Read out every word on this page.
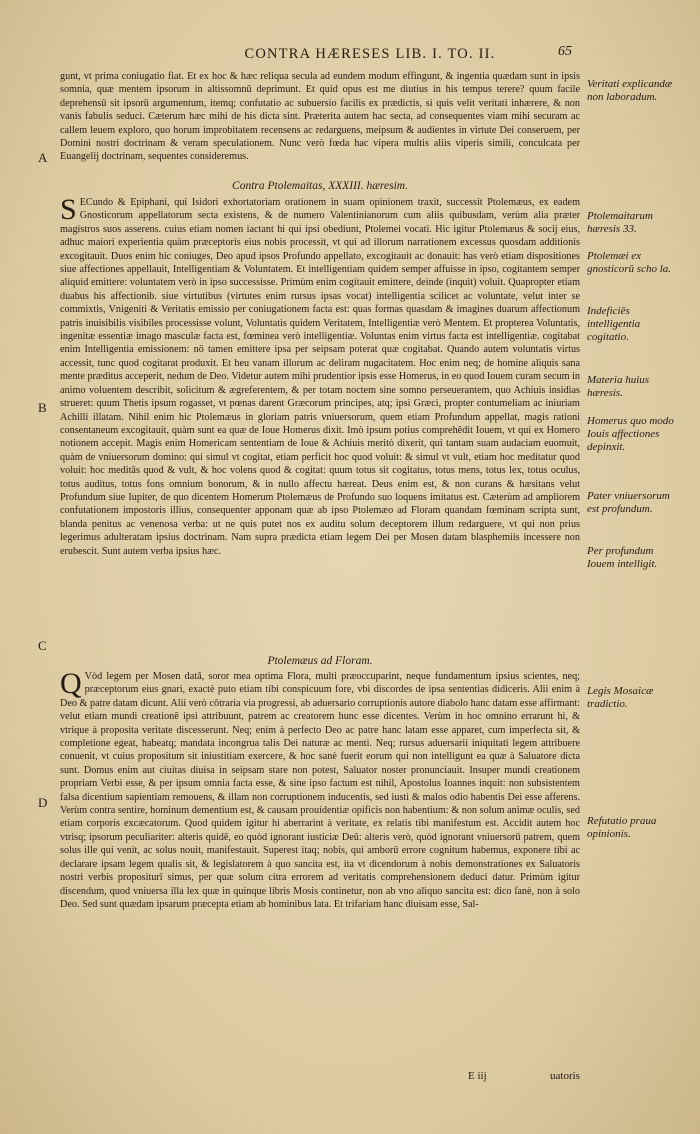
CONTRA HÆRESES LIB. I. TO. II.	65

gunt, vt prima coniugatio fiat. Et ex hoc & hæc reliqua secula ad eundem modum effingunt, & ingentia quædam sunt in ipsis somnia, quæ mentem ipsorum in altissomnū deprimunt. Et quid opus est me diutius in his tempus terere? quum facile deprehensū sit ipsorū argumentum, itemq; confutatio ac subuersio facilis ex prædictis, si quis velit veritati inhærere, & non vanis fabulis seduci. Cæterum hæc mihi de his dicta sint. Præterita autem hac secta, ad consequentes viam mihi securam ac callem leuem exploro, quo horum improbitatem recensens ac redarguens, meipsum & audientes in virtute Dei conseruem, per Domini nostri doctrinam & veram speculationem. Nunc verò fœda hac vipera multis aliis viperis simili, conculcata per Euangelij doctrinam, sequentes consideremus.

Contra Ptolemaitas, XXXIII. hæresim.
S ECundo & Epiphani, qui Isidori exhortatoriam orationem in suam opinionem traxit, successit Ptolemæus, ex eadem Gnosticorum appellatorum secta existens, & de numero Valentinianorum cum aliis quibusdam, verùm alia præter magistros suos asserens. cuius etiam nomen iactant hi qui ipsi obediunt, Ptolemei vocati. Hic igitur Ptolemæus & socij eius, adhuc maiori experientia quàm præceptoris eius nobis processit, vt qui ad illorum narrationem excessus quosdam additionis excogitauit. Duos enim hic coniuges, Deo apud ipsos Profundo appellato, excogitauit ac donauit: has verò etiam dispositiones siue affectiones appellauit, Intelligentiam & Voluntatem. Et intelligentiam quidem semper affuisse in ipso, cogitantem semper aliquid emittere: voluntatem verò in ipso successisse. Primùm enim cogitauit emittere, deinde (inquit) voluit. Quapropter etiam duabus his affectionib. siue virtutibus (virtutes enim rursus ipsas vocat) intelligentia scilicet ac voluntate, velut inter se commixtis, Vnigeniti & Veritatis emissio per coniugationem facta est: quas formas quasdam & imagines duarum affectionum patris inuisibilis visibiles processisse volunt, Voluntatis quidem Veritatem, Intelligentiæ verò Mentem. Et propterea Voluntatis, ingenitæ essentiæ imago masculæ facta est, fœminea verò intelligentiæ. Voluntas enim virtus facta est intelligentiæ. cogitabat enim Intelligentia emissionem: nō tamen emittere ipsa per seipsam poterat quæ cogitabat. Quando autem voluntatis virtus accessit, tunc quod cogitarat produxit. Et heu vanam illorum ac deliram nugacitatem. Hoc enim neq; de homine aliquis sana mente præditus acceperit, nedum de Deo. Videtur autem mihi prudentior ipsis esse Homerus, in eo quod Iouem curam secum in animo voluentem describit, solicitum & ægreferentem, & per totam noctem sine somno perseuerantem, quo Achiuis insidias strueret: quum Thetis ipsum rogasset, vt pœnas darent Græcorum principes, atq; ipsi Græci, propter contumeliam ac iniuriam Achilli illatam. Nihil enim hic Ptolemæus in gloriam patris vniuersorum, quem etiam Profundum appellat, magis rationi consentaneum excogitauit, quàm sunt ea quæ de Ioue Homerus dixit. Imò ipsum potius comprehēdit Iouem, vt qui ex Homero notionem accepit. Magis enim Homericam sententiam de Ioue & Achiuis meritò dixerit, qui tantam suam audaciam euomuit, quàm de vniuersorum domino: qui simul vt cogitat, etiam perficit hoc quod voluit: & simul vt vult, etiam hoc meditatur quod voluit: hoc meditās quod & vult, & hoc volens quod & cogitat: quum totus sit cogitatus, totus mens, totus lex, totus oculus, totus auditus, totus fons omnium bonorum, & in nullo affectu hæreat. Deus enim est, & non curans & hæsitans velut Profundum siue Iupiter, de quo dicentem Homerum Ptolemæus de Profundo suo loquens imitatus est. Cæterùm ad ampliorem confutationem impostoris illius, consequenter apponam quæ ab ipso Ptolemæo ad Floram quandam fœminam scripta sunt, blanda penitus ac venenosa verba: ut ne quis putet nos ex auditu solum deceptorem illum redarguere, vt qui non prius legerimus adulteratam ipsius doctrinam. Nam supra prædicta etiam legem Dei per Mosen datam blasphemiis incessere non erubescit. Sunt autem verba ipsius hæc.

Ptolemæus ad Floram.
Q Vòd legem per Mosen datā, soror mea optima Flora, multi præoccuparint, neque fundamentum ipsius scientes, neq; præceptorum eius gnari, exactè puto etiam tibi conspicuum fore, vbi discordes de ipsa sententias didiceris. Alii enim à Deo & patre datam dicunt. Alii verò cōtraria via progressi, ab aduersario corruptionis autore diabolo hanc datam esse affirmant: velut etiam mundi creationē ipsi attribuunt, patrem ac creatorem hunc esse dicentes. Verùm in hoc omnino errarunt hi, & vtrique à proposita veritate discesserunt. Neq; enim à perfecto Deo ac patre hanc latam esse apparet, cum imperfecta sit, & completione egeat, habeatq; mandata incongrua talis Dei naturæ ac menti. Neq; rursus aduersarii iniquitati legem attribuere conuenit, vt cuius propositum sit iniustitiam exercere, & hoc sanè fuerit eorum qui non intelligunt ea quæ à Saluatore dicta sunt. Domus enim aut ciuitas diuisa in seipsam stare non potest, Saluator noster pronunciauit. Insuper mundi creationem propriam Verbi esse, & per ipsum omnia facta esse, & sine ipso factum est nihil, Apostolus Ioannes inquit: non subsistentem falsa dicentium sapientiam remouens, & illam non corruptionem inducentis, sed iusti & malos odio habentis Dei esse afferens. Verùm contra sentire, hominum dementium est, & causam prouidentiæ opificis non habentium: & non solum animæ oculis, sed etiam corporis excæcatorum. Quod quidem igitur hi aberrarint à veritate, ex relatis tibi manifestum est. Accidit autem hoc vtrisq; ipsorum peculiariter: alteris quidē, eo quòd ignorant iusticiæ Deū: alteris verò, quòd ignorant vniuersorū patrem, quem solus ille qui venit, ac solus nouit, manifestauit. Superest itaq; nobis, qui amborū errore cognitum habemus, exponere tibi ac declarare ipsam legem qualis sit, & legislatorem à quo sancita est, ita vt dicendorum à nobis demonstrationes ex Saluatoris nostri verbis propositurī simus, per quæ solum citra errorem ad veritatis comprehensionem deduci datur. Primùm igitur discendum, quod vniuersa illa lex quæ in quinque libris Mosis continetur, non ab vno aliquo sancita est: dico ſanè, non à solo Deo. Sed sunt quædam ipsarum præcepta etiam ab hominibus lata. Et trifariam hanc diuisam esse, Sal-

Veritati explicandæ non laboradum.
Ptolemaitarum hæresis 33.
Ptolemæi ex gnosticorū scho la.
Indeficiēs intelligentia cogitatio.
Materia huius hæresis.
Homerus quo modo Iouis affectiones depinxit.
Pater vniuersorum est profundum.
Per profundum Iouem intelligit.
Legis Mosaicæ tradictio.
Refutatio praua opinionis.
A
B
C
D
E iij	uatoris
